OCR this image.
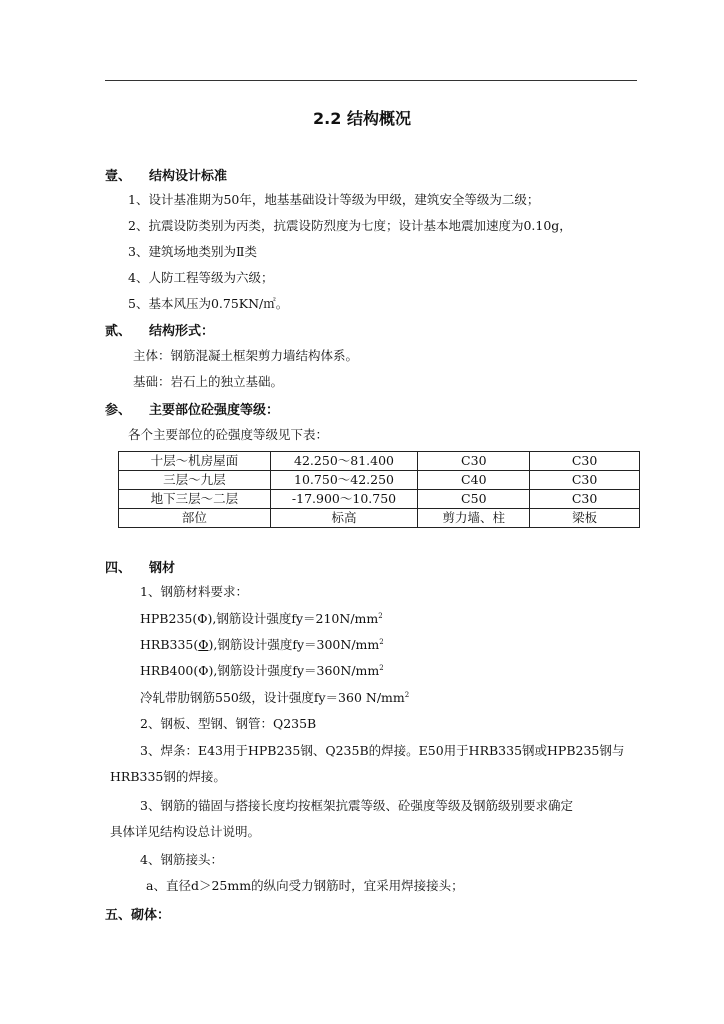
2.2 结构概况
壹、 结构设计标准
1、设计基准期为50年，地基基础设计等级为甲级，建筑安全等级为二级；
2、抗震设防类别为丙类，抗震设防烈度为七度；设计基本地震加速度为0.10g，
3、建筑场地类别为Ⅱ类
4、人防工程等级为六级；
5、基本风压为0.75KN/㎡。
贰、 结构形式：
主体：钢筋混凝土框架剪力墙结构体系。
基础：岩石上的独立基础。
参、 主要部位砼强度等级：
各个主要部位的砼强度等级见下表：
十层～机房屋面	42.250～81.400	C30	C30
三层～九层	10.750～42.250	C40	C30
地下三层～二层	-17.900～10.750	C50	C30
部位	标高	剪力墙、柱	梁板
四、 钢材
1、钢筋材料要求：
HPB235(Φ),钢筋设计强度$fy=210N/mm^2$
HRB335(Φ),钢筋设计强度$fy=300N/mm^2$
HRB400(Φ),钢筋设计强度$fy=360N/mm^2$
冷轧带肋钢筋550级，设计强度fy＝360 $N/mm^2$
2、钢板、型钢、钢管：Q235B
3、焊条：E43用于HPB235钢、Q235B的焊接。E50用于HRB335钢或HPB235钢与
HRB335钢的焊接。
3、钢筋的锚固与搭接长度均按框架抗震等级、砼强度等级及钢筋级别要求确定
具体详见结构设总计说明。
4、钢筋接头：
a、直径d＞25mm的纵向受力钢筋时，宜采用焊接接头；
五、砌体：
